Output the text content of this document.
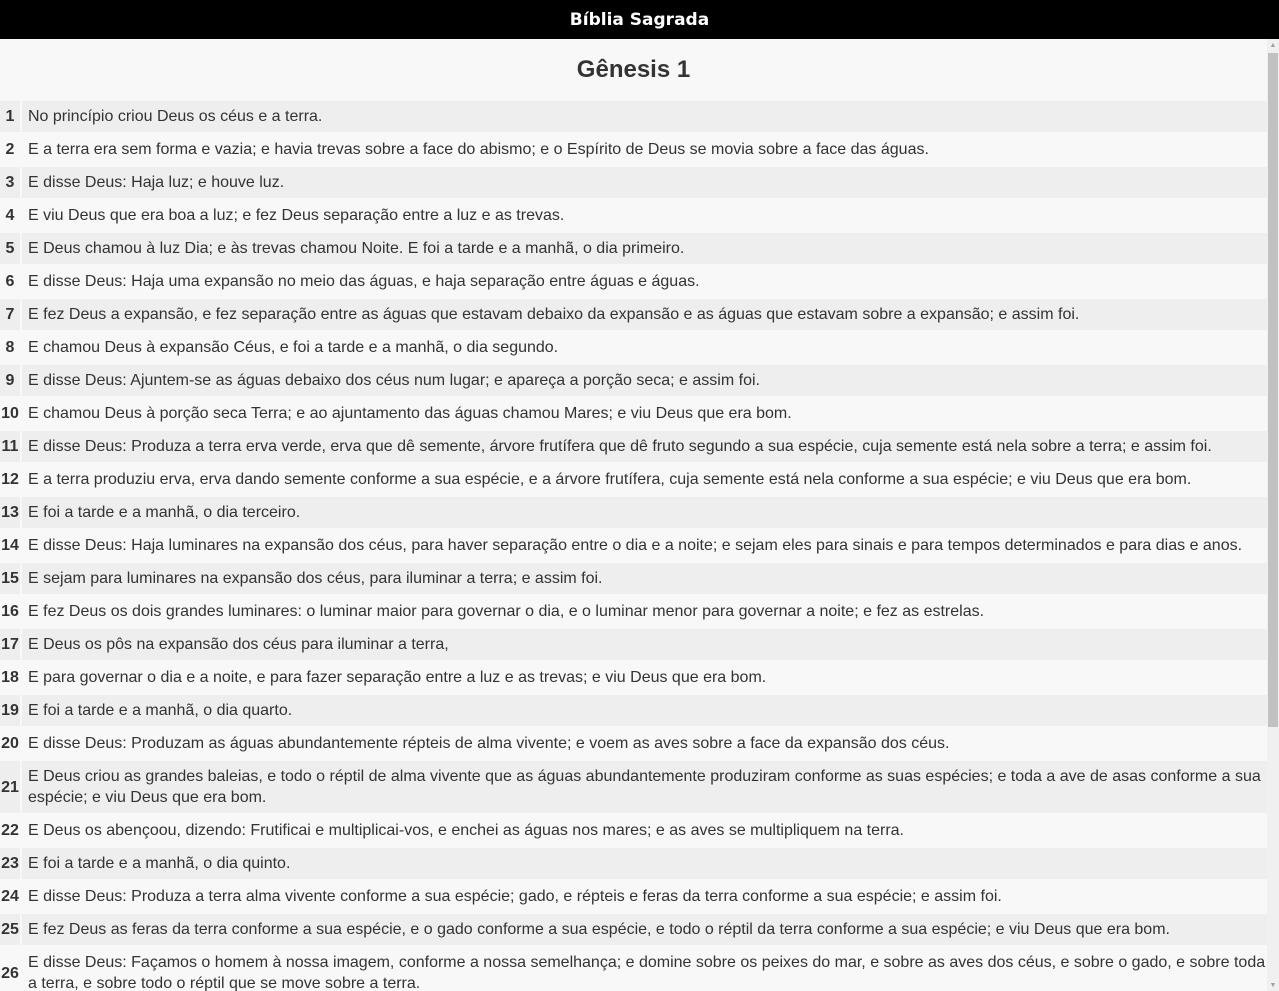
Bíblia Sagrada
Gênesis 1
1	No princípio criou Deus os céus e a terra.
2	E a terra era sem forma e vazia; e havia trevas sobre a face do abismo; e o Espírito de Deus se movia sobre a face das águas.
3	E disse Deus: Haja luz; e houve luz.
4	E viu Deus que era boa a luz; e fez Deus separação entre a luz e as trevas.
5	E Deus chamou à luz Dia; e às trevas chamou Noite. E foi a tarde e a manhã, o dia primeiro.
6	E disse Deus: Haja uma expansão no meio das águas, e haja separação entre águas e águas.
7	E fez Deus a expansão, e fez separação entre as águas que estavam debaixo da expansão e as águas que estavam sobre a expansão; e assim foi.
8	E chamou Deus à expansão Céus, e foi a tarde e a manhã, o dia segundo.
9	E disse Deus: Ajuntem-se as águas debaixo dos céus num lugar; e apareça a porção seca; e assim foi.
10	E chamou Deus à porção seca Terra; e ao ajuntamento das águas chamou Mares; e viu Deus que era bom.
11	E disse Deus: Produza a terra erva verde, erva que dê semente, árvore frutífera que dê fruto segundo a sua espécie, cuja semente está nela sobre a terra; e assim foi.
12	E a terra produziu erva, erva dando semente conforme a sua espécie, e a árvore frutífera, cuja semente está nela conforme a sua espécie; e viu Deus que era bom.
13	E foi a tarde e a manhã, o dia terceiro.
14	E disse Deus: Haja luminares na expansão dos céus, para haver separação entre o dia e a noite; e sejam eles para sinais e para tempos determinados e para dias e anos.
15	E sejam para luminares na expansão dos céus, para iluminar a terra; e assim foi.
16	E fez Deus os dois grandes luminares: o luminar maior para governar o dia, e o luminar menor para governar a noite; e fez as estrelas.
17	E Deus os pôs na expansão dos céus para iluminar a terra,
18	E para governar o dia e a noite, e para fazer separação entre a luz e as trevas; e viu Deus que era bom.
19	E foi a tarde e a manhã, o dia quarto.
20	E disse Deus: Produzam as águas abundantemente répteis de alma vivente; e voem as aves sobre a face da expansão dos céus.
21	E Deus criou as grandes baleias, e todo o réptil de alma vivente que as águas abundantemente produziram conforme as suas espécies; e toda a ave de asas conforme a sua espécie; e viu Deus que era bom.
22	E Deus os abençoou, dizendo: Frutificai e multiplicai-vos, e enchei as águas nos mares; e as aves se multipliquem na terra.
23	E foi a tarde e a manhã, o dia quinto.
24	E disse Deus: Produza a terra alma vivente conforme a sua espécie; gado, e répteis e feras da terra conforme a sua espécie; e assim foi.
25	E fez Deus as feras da terra conforme a sua espécie, e o gado conforme a sua espécie, e todo o réptil da terra conforme a sua espécie; e viu Deus que era bom.
26	E disse Deus: Façamos o homem à nossa imagem, conforme a nossa semelhança; e domine sobre os peixes do mar, e sobre as aves dos céus, e sobre o gado, e sobre toda a terra, e sobre todo o réptil que se move sobre a terra.
▲
▼
